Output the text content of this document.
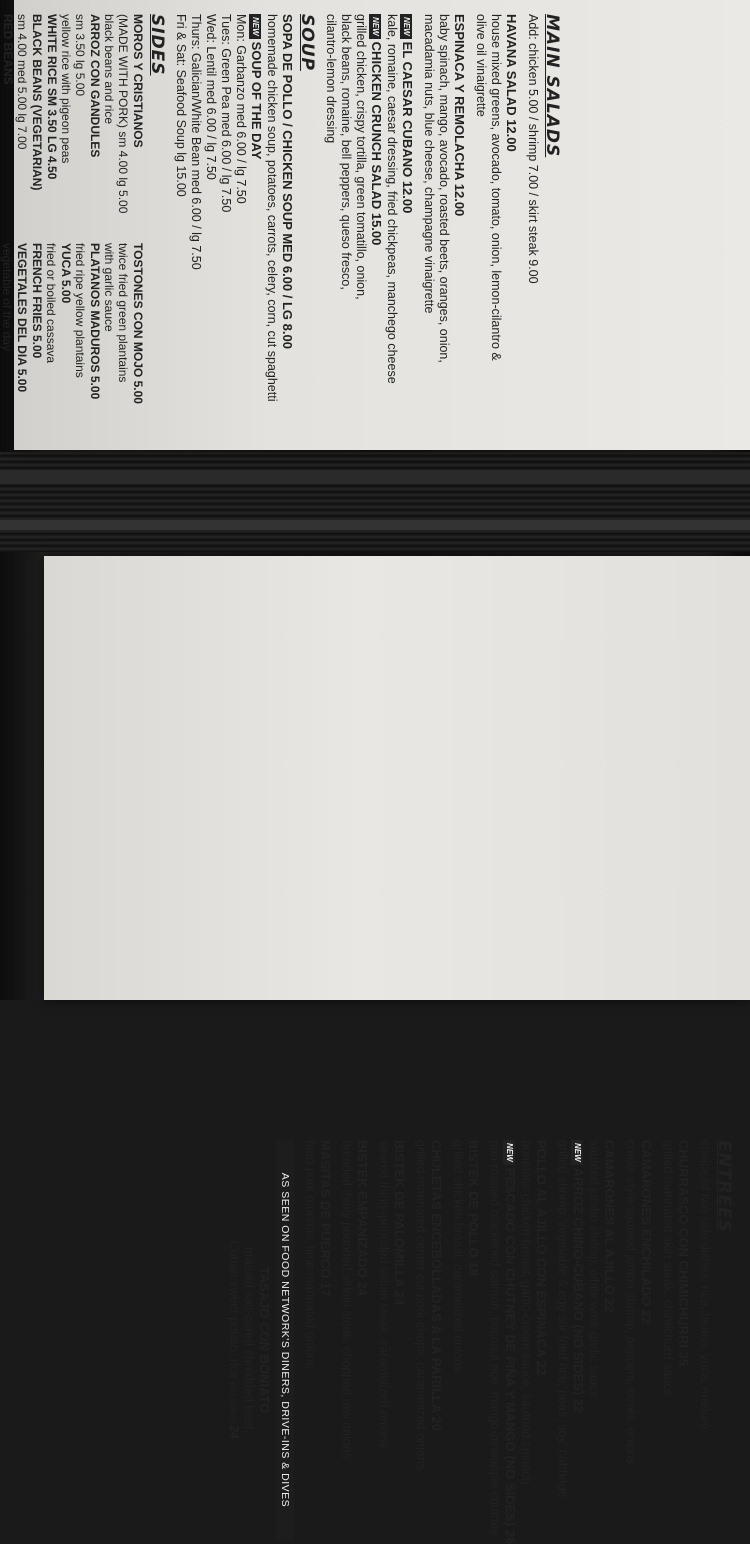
MAIN SALADS
Add: chicken 5.00 / shrimp 7.00 / skirt steak 9.00
HAVANA SALAD 12.00
house mixed greens, avocado, tomato, onion, lemon-cilantro &
olive oil vinaigrette
ESPINACA Y REMOLACHA 12.00
baby spinach, mango, avocado, roasted beets, oranges, onion,
macadamia nuts, blue cheese, champagne vinaigrette
NEWEL CAESAR CUBANO 12.00
kale, romaine, caesar dressing, fried chickpeas, manchego cheese
NEWCHICKEN CRUNCH SALAD 15.00
grilled chicken, crispy tortilla, green tomatillo, onion,
black beans, romaine, bell peppers, queso fresco,
cilantro-lemon dressing
SOUP
SOPA DE POLLO / CHICKEN SOUP MED 6.00 / LG 8.00
homemade chicken soup, potatoes, carrots, celery, corn, cut spaghetti
NEWSOUP OF THE DAY
Mon: Garbanzo med 6.00 / lg 7.50
Tues: Green Pea med 6.00 / lg 7.50
Wed: Lentil med 6.00 / lg 7.50
Thurs: Galician/White Bean med 6.00 / lg 7.50
Fri & Sat: Seafood Soup lg 15.00
SIDES
MOROS Y CRISTIANOS
(MADE WITH PORK) sm 4.00 lg 5.00
black beans and rice
ARROZ CON GANDULES
sm 3.50 lg 5.00
yellow rice with pigeon peas
WHITE RICE SM 3.50 LG 4.50
BLACK BEANS (VEGETARIAN)
sm 4.00 med 5.00 lg 7.00
RED BEANS
TOSTONES CON MOJO 5.00
twice fried green plantains
with garlic sauce
PLATANOS MADUROS 5.00
fried ripe yellow plantains
YUCA 5.00
fried or boiled cassava
FRENCH FRIES 5.00
VEGETALES DEL DIA 5.00
vegetable of the day
ENTRÉES
choice of two side dishes: rice, beans, yuca, maduro
CHURRASCO CON CHIMICHURRI 35
grilled marinated skirt steak, chimichurri sauce
CAMARONES ENCHILADO 22
creole style sautéed jumbo shrimp, peppers, olives, onions
CAMARONES AL AJILLO 22
sautéed jumbo shrimp, white wine garlic sauce
NEWARROZ CHINO-CUBANO (NO SIDES) 22
grilled shrimp, vegetable & egg stir fried rice, peas, soy, cabbage
POLLO AL AJILLO CON ESPINACA 22
boneless chicken breast, garlic-cream sauce, sautéed spinach
NEWPESCADO CON CHUTNEY DE PIÑA Y MANGO (NO SIDES) 26
pan roasted blackened salmon, coconut rice, mango-pineapple chutney
BISTEK DE POLLO 18
grilled chicken breast, caramelized onions
CHULETAS ENCEBOLLADAS A LA PARILLA 20
grilled marinated center cut pork chops, caramelized onions
BISTEK DE PALOMILLA 24
seared thinly-pounded sirloin steak, caramelized onions
BISTEK EMPANIZADO 24
breaded thinly pounded sirloin steak, chopped raw onions
MASITAS DE PUERCO 17
fried pork morsels, lime marinated onions
AS SEEN ON FOOD NETWORK'S DINERS, DRIVE-INS & DIVES
TASAJO CON BONIATO
braised salt-cured shredded beef,
Cuban sweet potato, rice (no sides) 24
